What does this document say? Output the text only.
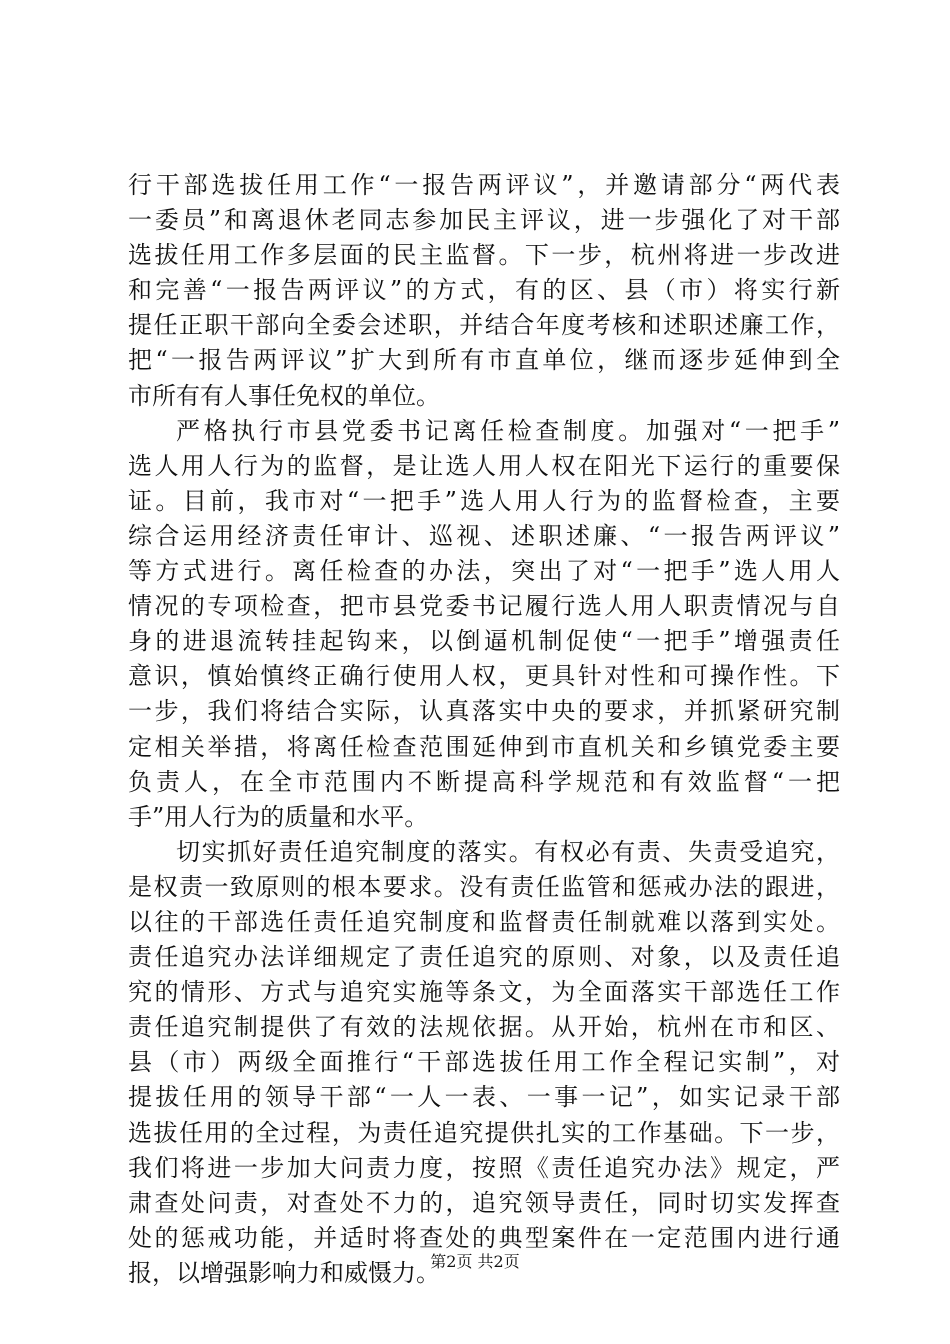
行干部选拔任用工作“一报告两评议”，并邀请部分“两代表
一委员”和离退休老同志参加民主评议，进一步强化了对干部
选拔任用工作多层面的民主监督。下一步，杭州将进一步改进
和完善“一报告两评议”的方式，有的区、县（市）将实行新
提任正职干部向全委会述职，并结合年度考核和述职述廉工作，
把“一报告两评议”扩大到所有市直单位，继而逐步延伸到全
市所有有人事任免权的单位。
严格执行市县党委书记离任检查制度。加强对“一把手”
选人用人行为的监督，是让选人用人权在阳光下运行的重要保
证。目前，我市对“一把手”选人用人行为的监督检查，主要
综合运用经济责任审计、巡视、述职述廉、“一报告两评议”
等方式进行。离任检查的办法，突出了对“一把手”选人用人
情况的专项检查，把市县党委书记履行选人用人职责情况与自
身的进退流转挂起钩来，以倒逼机制促使“一把手”增强责任
意识，慎始慎终正确行使用人权，更具针对性和可操作性。下
一步，我们将结合实际，认真落实中央的要求，并抓紧研究制
定相关举措，将离任检查范围延伸到市直机关和乡镇党委主要
负责人，在全市范围内不断提高科学规范和有效监督“一把
手”用人行为的质量和水平。
切实抓好责任追究制度的落实。有权必有责、失责受追究，
是权责一致原则的根本要求。没有责任监管和惩戒办法的跟进，
以往的干部选任责任追究制度和监督责任制就难以落到实处。
责任追究办法详细规定了责任追究的原则、对象，以及责任追
究的情形、方式与追究实施等条文，为全面落实干部选任工作
责任追究制提供了有效的法规依据。从开始，杭州在市和区、
县（市）两级全面推行“干部选拔任用工作全程记实制”，对
提拔任用的领导干部“一人一表、一事一记”，如实记录干部
选拔任用的全过程，为责任追究提供扎实的工作基础。下一步，
我们将进一步加大问责力度，按照《责任追究办法》规定，严
肃查处问责，对查处不力的，追究领导责任，同时切实发挥查
处的惩戒功能，并适时将查处的典型案件在一定范围内进行通
报，以增强影响力和威慑力。
第2页 共2页
